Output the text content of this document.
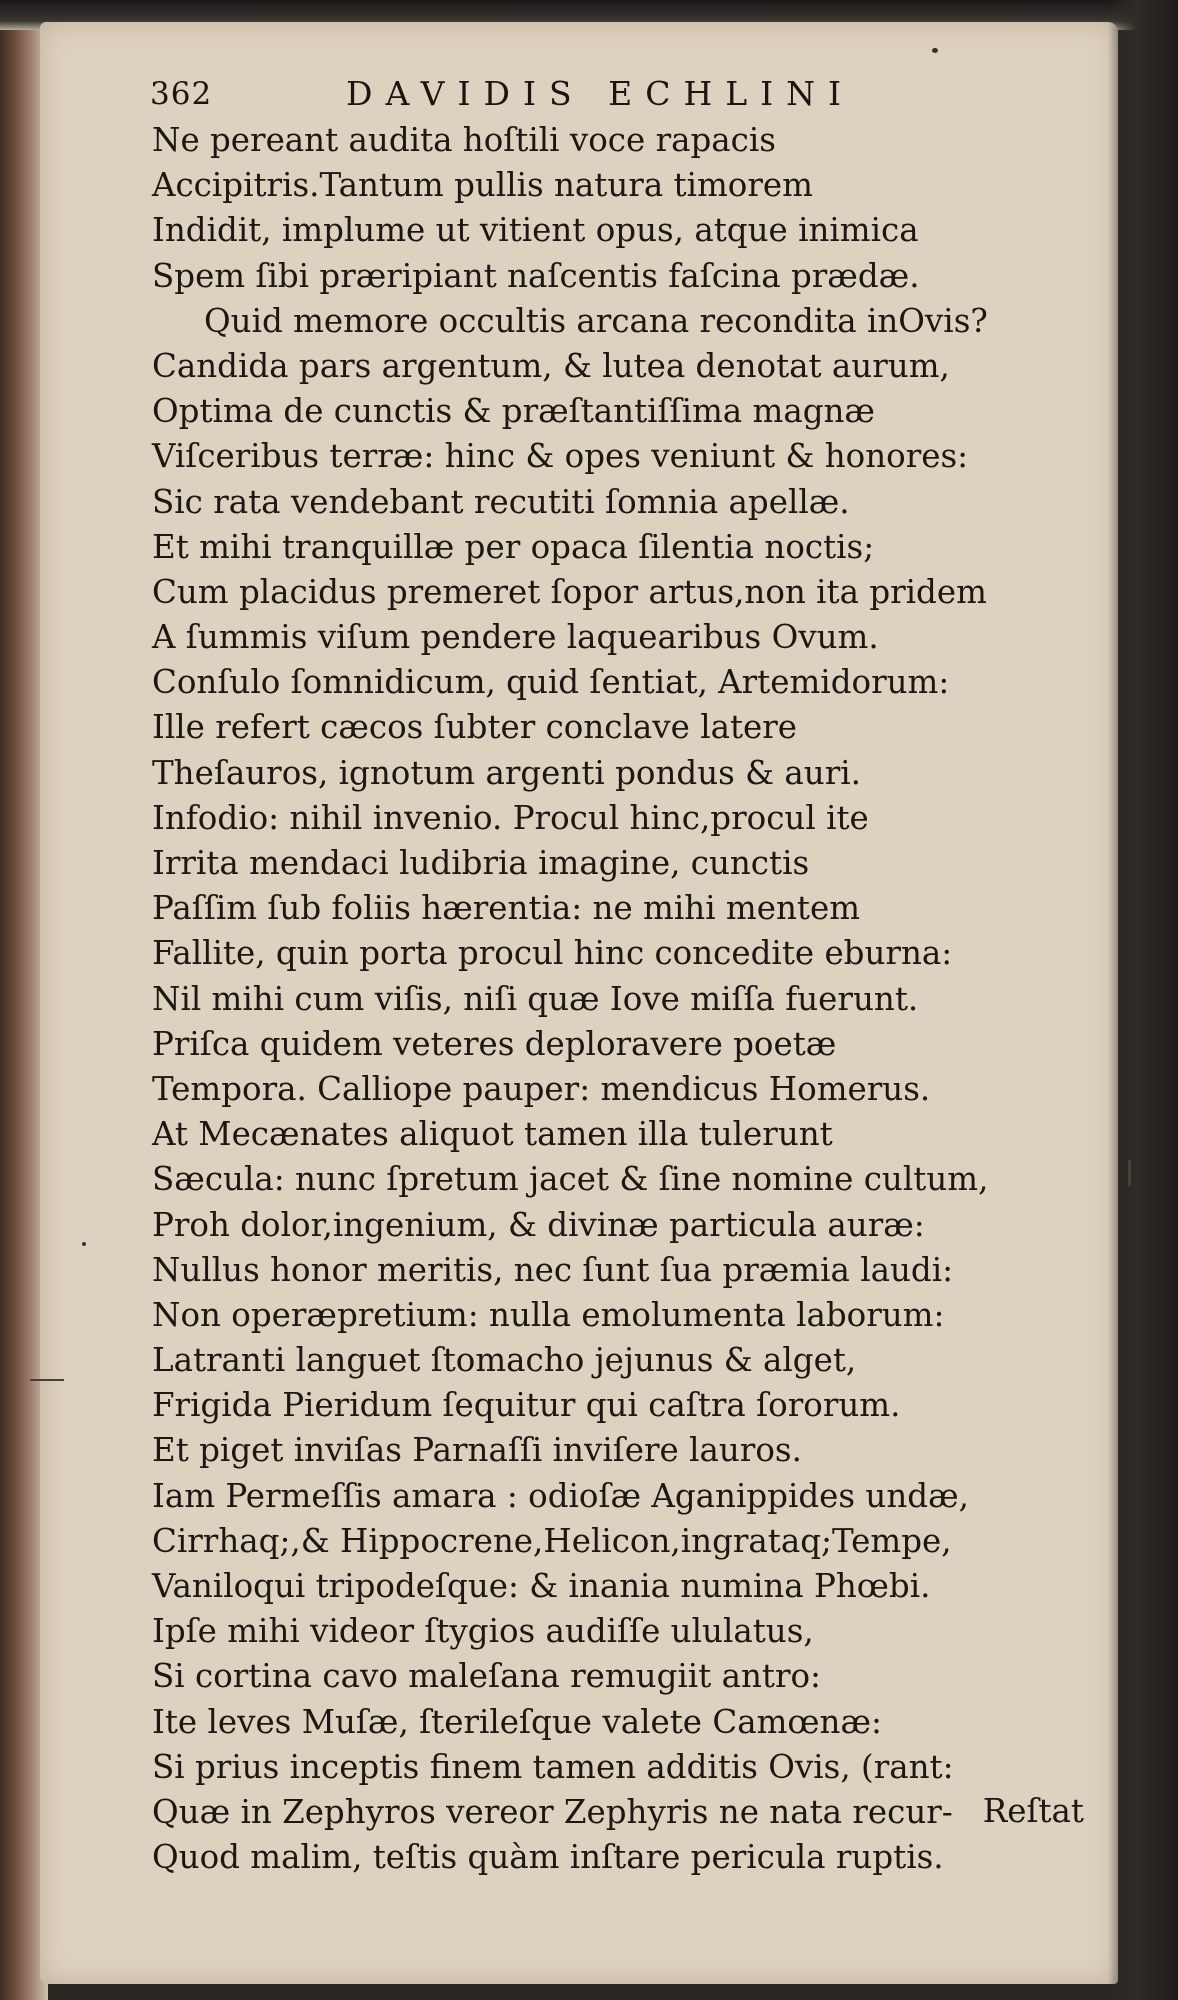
362	DAVIDIS ECHLINI
Ne pereant audita hoſtili voce rapacis
Accipitris.Tantum pullis natura timorem
Indidit, implume ut vitient opus, atque inimica
Spem ſibi præripiant naſcentis faſcina prædæ.
Quid memore occultis arcana recondita inOvis?
Candida pars argentum, & lutea denotat aurum,
Optima de cunctis & præſtantiſſima magnæ
Viſceribus terræ: hinc & opes veniunt & honores:
Sic rata vendebant recutiti ſomnia apellæ.
Et mihi tranquillæ per opaca ſilentia noctis;
Cum placidus premeret ſopor artus,non ita pridem
A ſummis viſum pendere laquearibus Ovum.
Conſulo ſomnidicum, quid ſentiat, Artemidorum:
Ille refert cæcos ſubter conclave latere
Theſauros, ignotum argenti pondus & auri.
Infodio: nihil invenio. Procul hinc,procul ite
Irrita mendaci ludibria imagine, cunctis
Paſſim ſub foliis hærentia: ne mihi mentem
Fallite, quin porta procul hinc concedite eburna:
Nil mihi cum viſis, niſi quæ Iove miſſa fuerunt.
Priſca quidem veteres deploravere poetæ
Tempora. Calliope pauper: mendicus Homerus.
At Mecænates aliquot tamen illa tulerunt
Sæcula: nunc ſpretum jacet & ſine nomine cultum,
Proh dolor,ingenium, & divinæ particula auræ:
Nullus honor meritis, nec ſunt ſua præmia laudi:
Non operæpretium: nulla emolumenta laborum:
Latranti languet ſtomacho jejunus & alget,
Frigida Pieridum ſequitur qui caſtra ſororum.
Et piget inviſas Parnaſſi inviſere lauros.
Iam Permeſſis amara : odioſæ Aganippides undæ,
Cirrhaq;,& Hippocrene,Helicon,ingrataq;Tempe,
Vaniloqui tripodeſque: & inania numina Phœbi.
Ipſe mihi videor ſtygios audiſſe ululatus,
Si cortina cavo maleſana remugiit antro:
Ite leves Muſæ, ſterileſque valete Camœnæ:
Si prius inceptis finem tamen additis Ovis, (rant:
Quæ in Zephyros vereor Zephyris ne nata recur-
Quod malim, teſtis quàm inſtare pericula ruptis.
Reſtat
